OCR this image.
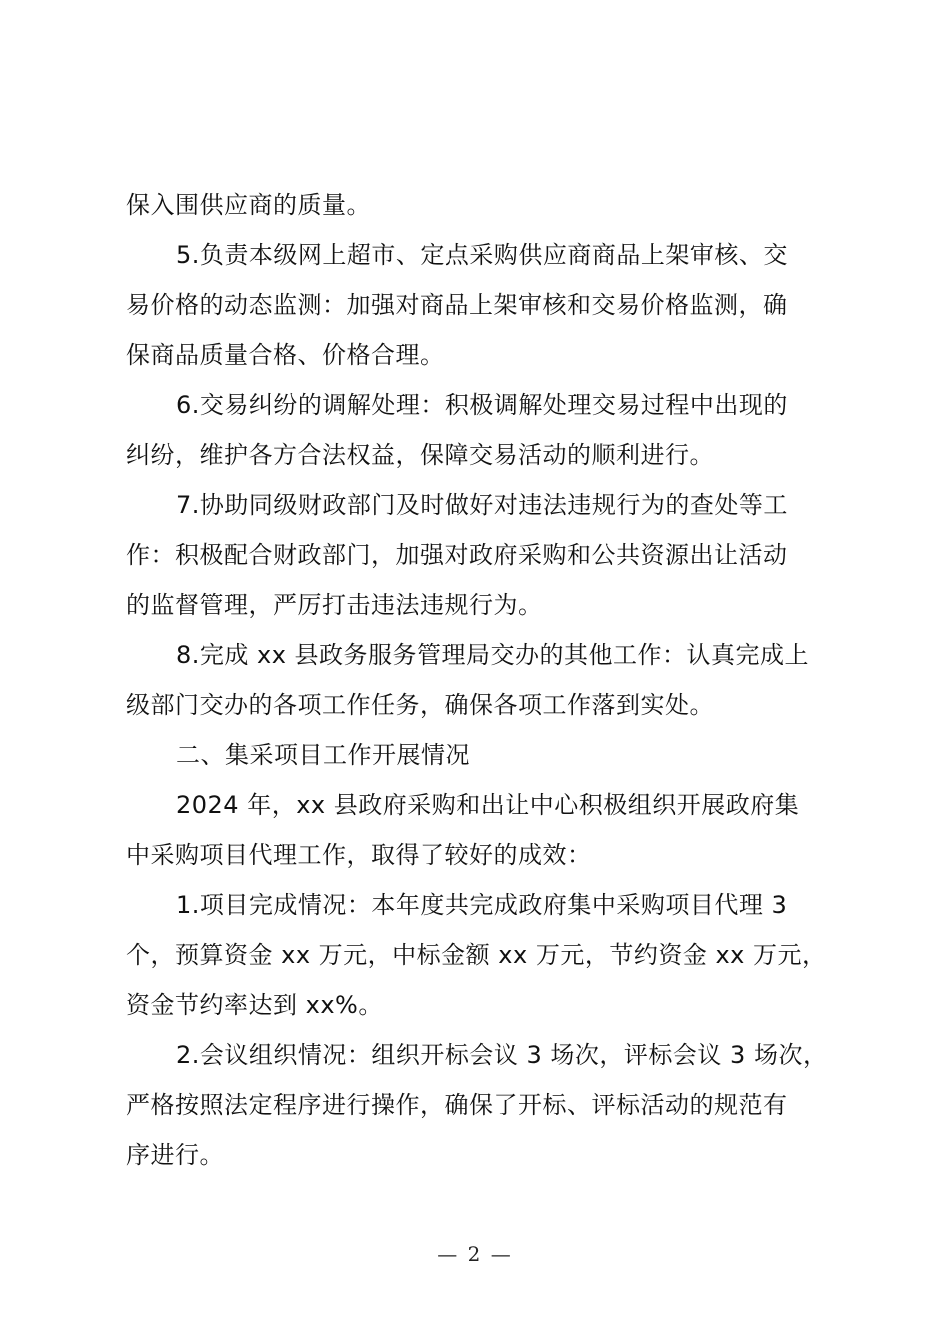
保入围供应商的质量。
5.负责本级网上超市、定点采购供应商商品上架审核、交
易价格的动态监测：加强对商品上架审核和交易价格监测，确
保商品质量合格、价格合理。
6.交易纠纷的调解处理：积极调解处理交易过程中出现的
纠纷，维护各方合法权益，保障交易活动的顺利进行。
7.协助同级财政部门及时做好对违法违规行为的查处等工
作：积极配合财政部门，加强对政府采购和公共资源出让活动
的监督管理，严厉打击违法违规行为。
8.完成 xx 县政务服务管理局交办的其他工作：认真完成上
级部门交办的各项工作任务，确保各项工作落到实处。
二、集采项目工作开展情况
2024 年，xx 县政府采购和出让中心积极组织开展政府集
中采购项目代理工作，取得了较好的成效：
1.项目完成情况：本年度共完成政府集中采购项目代理 3
个，预算资金 xx 万元，中标金额 xx 万元，节约资金 xx 万元，
资金节约率达到 xx%。
2.会议组织情况：组织开标会议 3 场次，评标会议 3 场次，
严格按照法定程序进行操作，确保了开标、评标活动的规范有
序进行。
— 2 —
